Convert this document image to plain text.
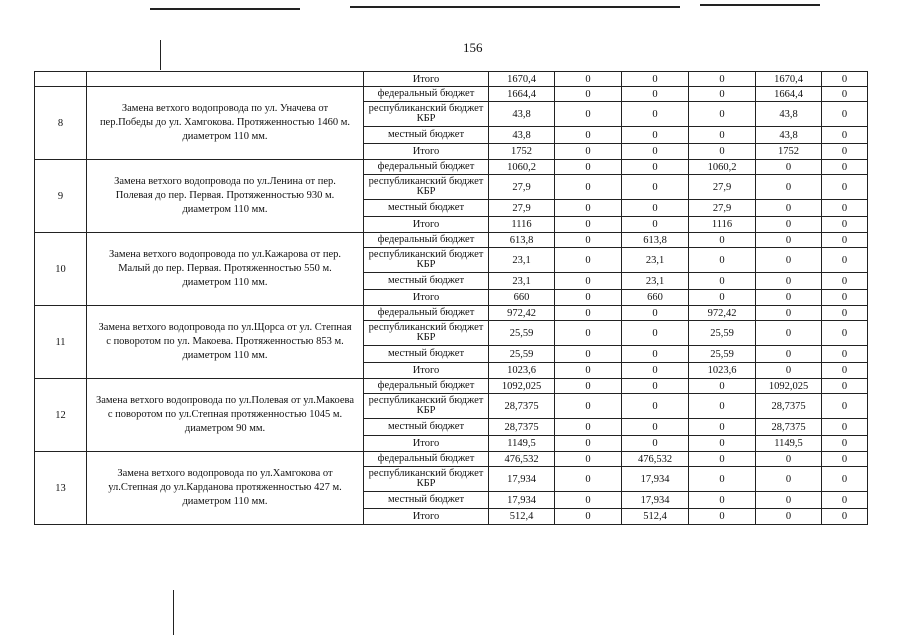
156
		Итого	1670,4	0	0	0	1670,4	0
8	Замена ветхого водопровода по ул. Уначева от пер.Победы до ул. Хамгокова. Протяженностью 1460 м. диаметром 110 мм.	федеральный бюджет	1664,4	0	0	0	1664,4	0
		республиканский бюджет КБР	43,8	0	0	0	43,8	0
		местный бюджет	43,8	0	0	0	43,8	0
		Итого	1752	0	0	0	1752	0
9	Замена ветхого водопровода по ул.Ленина от пер. Полевая до пер. Первая. Протяженностью 930 м. диаметром 110 мм.	федеральный бюджет	1060,2	0	0	1060,2	0	0
		республиканский бюджет КБР	27,9	0	0	27,9	0	0
		местный бюджет	27,9	0	0	27,9	0	0
		Итого	1116	0	0	1116	0	0
10	Замена ветхого водопровода по ул.Кажарова от пер. Малый до пер. Первая. Протяженностью 550 м. диаметром 110 мм.	федеральный бюджет	613,8	0	613,8	0	0	0
		республиканский бюджет КБР	23,1	0	23,1	0	0	0
		местный бюджет	23,1	0	23,1	0	0	0
		Итого	660	0	660	0	0	0
11	Замена ветхого водопровода по ул.Щорса от ул. Степная с поворотом по ул. Макоева. Протяженностью 853 м. диаметром 110 мм.	федеральный бюджет	972,42	0	0	972,42	0	0
		республиканский бюджет КБР	25,59	0	0	25,59	0	0
		местный бюджет	25,59	0	0	25,59	0	0
		Итого	1023,6	0	0	1023,6	0	0
12	Замена ветхого водопровода по ул.Полевая от ул.Макоева с поворотом по ул.Степная протяженностью 1045 м. диаметром 90 мм.	федеральный бюджет	1092,025	0	0	0	1092,025	0
		республиканский бюджет КБР	28,7375	0	0	0	28,7375	0
		местный бюджет	28,7375	0	0	0	28,7375	0
		Итого	1149,5	0	0	0	1149,5	0
13	Замена ветхого водопровода по ул.Хамгокова от ул.Степная до ул.Карданова протяженностью 427 м. диаметром 110 мм.	федеральный бюджет	476,532	0	476,532	0	0	0
		республиканский бюджет КБР	17,934	0	17,934	0	0	0
		местный бюджет	17,934	0	17,934	0	0	0
		Итого	512,4	0	512,4	0	0	0
